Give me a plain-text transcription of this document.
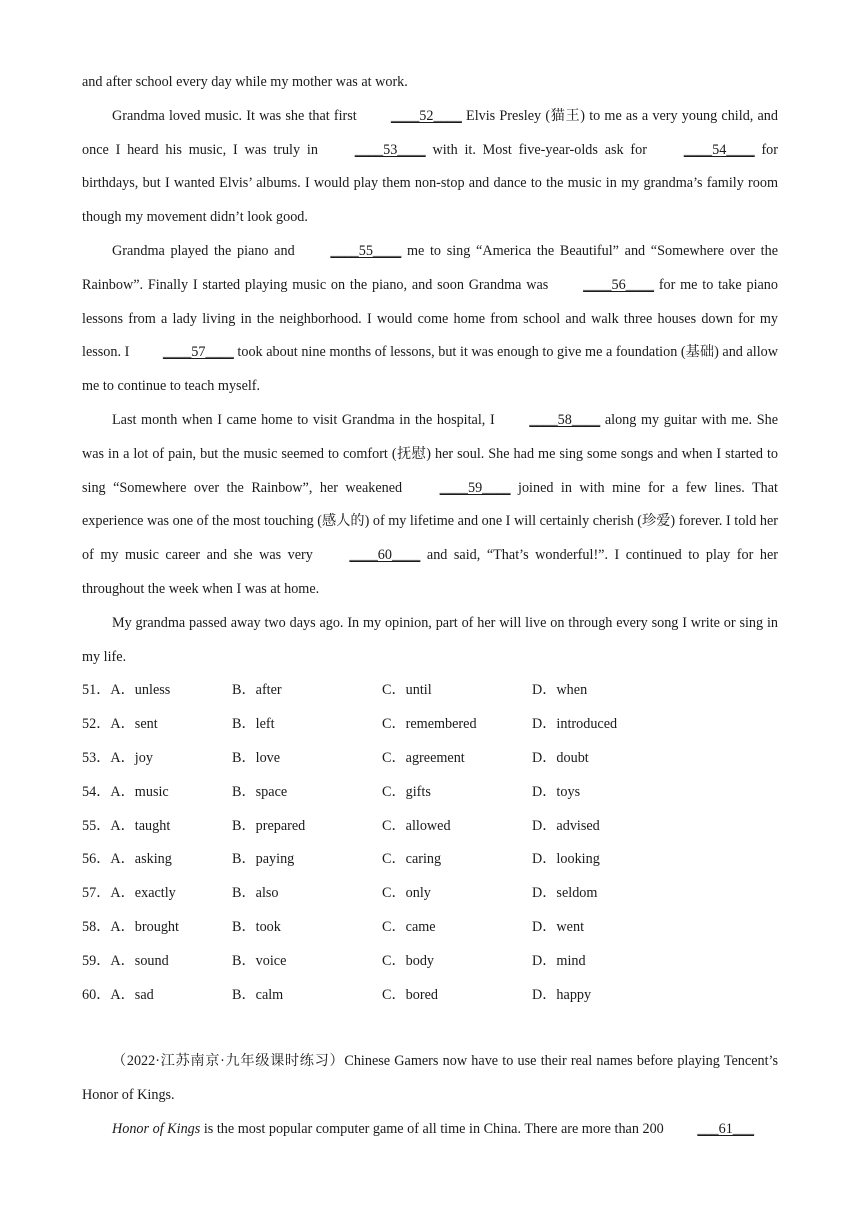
and after school every day while my mother was at work.

Grandma loved music. It was she that first ____52____ Elvis Presley (猫王) to me as a very young child, and once I heard his music, I was truly in ____53____ with it. Most five-year-olds ask for ____54____ for birthdays, but I wanted Elvis’ albums. I would play them non-stop and dance to the music in my grandma’s family room though my movement didn’t look good.

Grandma played the piano and ____55____ me to sing “America the Beautiful” and “Somewhere over the Rainbow”. Finally I started playing music on the piano, and soon Grandma was ____56____ for me to take piano lessons from a lady living in the neighborhood. I would come home from school and walk three houses down for my lesson. I ____57____ took about nine months of lessons, but it was enough to give me a foundation (基础) and allow me to continue to teach myself.

Last month when I came home to visit Grandma in the hospital, I ____58____ along my guitar with me. She was in a lot of pain, but the music seemed to comfort (抚慰) her soul. She had me sing some songs and when I started to sing “Somewhere over the Rainbow”, her weakened ____59____ joined in with mine for a few lines. That experience was one of the most touching (感人的) of my lifetime and one I will certainly cherish (珍爱) forever. I told her of my music career and she was very ____60____ and said, “That’s wonderful!”. I continued to play for her throughout the week when I was at home.

My grandma passed away two days ago. In my opinion, part of her will live on through every song I write or sing in my life.

51．A．unless	B．after	C．until	D．when
52．A．sent	B．left	C．remembered	D．introduced
53．A．joy	B．love	C．agreement	D．doubt
54．A．music	B．space	C．gifts	D．toys
55．A．taught	B．prepared	C．allowed	D．advised
56．A．asking	B．paying	C．caring	D．looking
57．A．exactly	B．also	C．only	D．seldom
58．A．brought	B．took	C．came	D．went
59．A．sound	B．voice	C．body	D．mind
60．A．sad	B．calm	C．bored	D．happy

（2022·江苏南京·九年级课时练习）Chinese Gamers now have to use their real names before playing Tencent’s Honor of Kings.

Honor of Kings is the most popular computer game of all time in China. There are more than 200 ___61___
